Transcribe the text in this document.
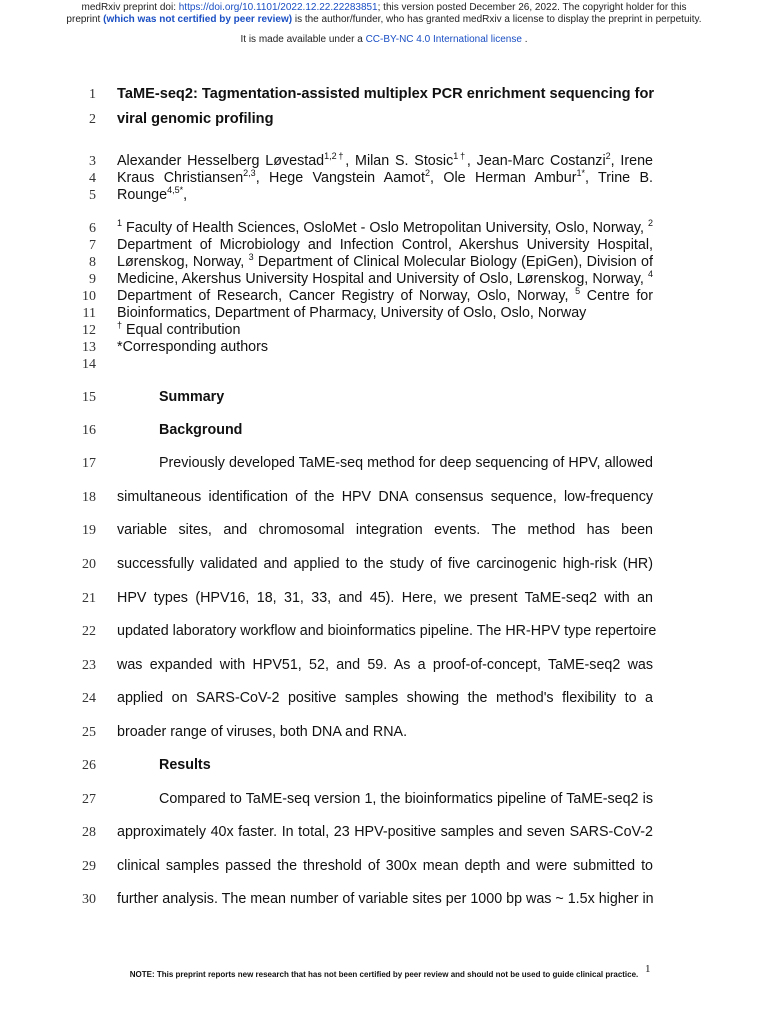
medRxiv preprint doi: https://doi.org/10.1101/2022.12.22.22283851; this version posted December 26, 2022. The copyright holder for this
preprint (which was not certified by peer review) is the author/funder, who has granted medRxiv a license to display the preprint in perpetuity.
It is made available under a CC-BY-NC 4.0 International license .
1
2
3
4
5
6
7
8
9
10
11
12
13
14
15
16
17
18
19
20
21
22
23
24
25
26
27
28
29
30
TaME-seq2: Tagmentation-assisted multiplex PCR enrichment sequencing for
viral genomic profiling
Alexander Hesselberg Løvestad$^{1,2\dagger}$, Milan S. Stosic$^{1\dagger}$, Jean-Marc Costanzi$^2$, Irene
Kraus Christiansen$^{2,3}$, Hege Vangstein Aamot$^2$, Ole Herman Ambur$^{1*}$, Trine B.
Rounge$^{4,5*}$,
$^1$ Faculty of Health Sciences, OsloMet - Oslo Metropolitan University, Oslo, Norway, $^2$
Department of Microbiology and Infection Control, Akershus University Hospital,
Lørenskog, Norway, $^3$ Department of Clinical Molecular Biology (EpiGen), Division of
Medicine, Akershus University Hospital and University of Oslo, Lørenskog, Norway, $^4$
Department of Research, Cancer Registry of Norway, Oslo, Norway, $^5$ Centre for
Bioinformatics, Department of Pharmacy, University of Oslo, Oslo, Norway
† Equal contribution
*Corresponding authors
Summary
Background
Previously developed TaME-seq method for deep sequencing of HPV, allowed
simultaneous identification of the HPV DNA consensus sequence, low-frequency
variable sites, and chromosomal integration events. The method has been
successfully validated and applied to the study of five carcinogenic high-risk (HR)
HPV types (HPV16, 18, 31, 33, and 45). Here, we present TaME-seq2 with an
updated laboratory workflow and bioinformatics pipeline. The HR-HPV type repertoire
was expanded with HPV51, 52, and 59. As a proof-of-concept, TaME-seq2 was
applied on SARS-CoV-2 positive samples showing the method's flexibility to a
broader range of viruses, both DNA and RNA.
Results
Compared to TaME-seq version 1, the bioinformatics pipeline of TaME-seq2 is
approximately 40x faster. In total, 23 HPV-positive samples and seven SARS-CoV-2
clinical samples passed the threshold of 300x mean depth and were submitted to
further analysis. The mean number of variable sites per 1000 bp was ~ 1.5x higher in
1
NOTE: This preprint reports new research that has not been certified by peer review and should not be used to guide clinical practice.
